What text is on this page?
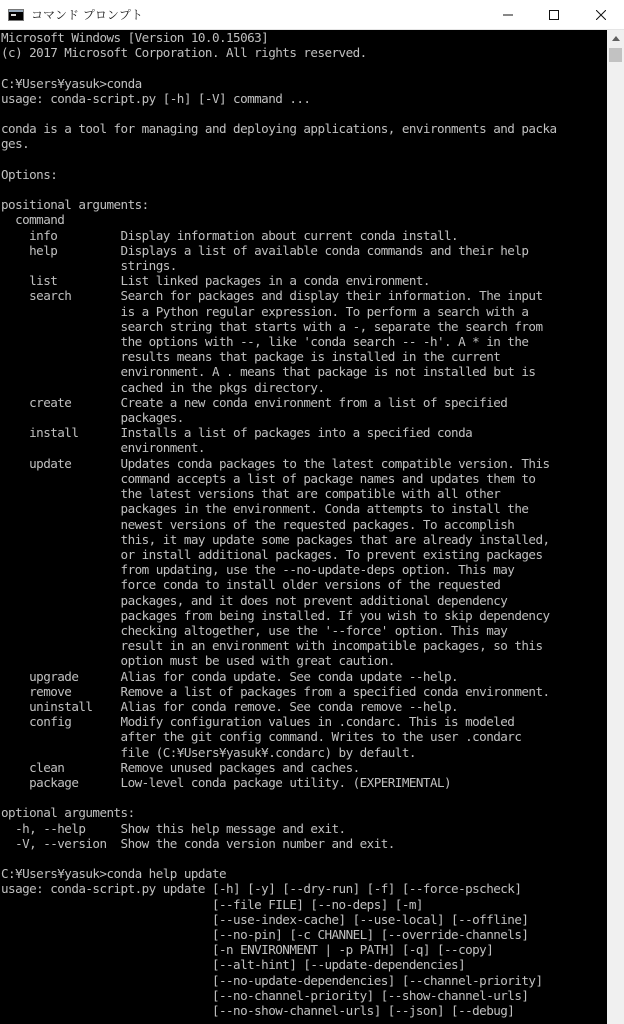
コマンド プロンプト
Microsoft Windows [Version 10.0.15063]
(c) 2017 Microsoft Corporation. All rights reserved.

C:¥Users¥yasuk>conda
usage: conda-script.py [-h] [-V] command ...

conda is a tool for managing and deploying applications, environments and packa
ges.

Options:

positional arguments:
command
info         Display information about current conda install.
help         Displays a list of available conda commands and their help
strings.
list         List linked packages in a conda environment.
search       Search for packages and display their information. The input
is a Python regular expression. To perform a search with a
search string that starts with a -, separate the search from
the options with --, like 'conda search -- -h'. A * in the
results means that package is installed in the current
environment. A . means that package is not installed but is
cached in the pkgs directory.
create       Create a new conda environment from a list of specified
packages.
install      Installs a list of packages into a specified conda
environment.
update       Updates conda packages to the latest compatible version. This
command accepts a list of package names and updates them to
the latest versions that are compatible with all other
packages in the environment. Conda attempts to install the
newest versions of the requested packages. To accomplish
this, it may update some packages that are already installed,
or install additional packages. To prevent existing packages
from updating, use the --no-update-deps option. This may
force conda to install older versions of the requested
packages, and it does not prevent additional dependency
packages from being installed. If you wish to skip dependency
checking altogether, use the '--force' option. This may
result in an environment with incompatible packages, so this
option must be used with great caution.
upgrade      Alias for conda update. See conda update --help.
remove       Remove a list of packages from a specified conda environment.
uninstall    Alias for conda remove. See conda remove --help.
config       Modify configuration values in .condarc. This is modeled
after the git config command. Writes to the user .condarc
file (C:¥Users¥yasuk¥.condarc) by default.
clean        Remove unused packages and caches.
package      Low-level conda package utility. (EXPERIMENTAL)

optional arguments:
-h, --help     Show this help message and exit.
-V, --version  Show the conda version number and exit.

C:¥Users¥yasuk>conda help update
usage: conda-script.py update [-h] [-y] [--dry-run] [-f] [--force-pscheck]
[--file FILE] [--no-deps] [-m]
[--use-index-cache] [--use-local] [--offline]
[--no-pin] [-c CHANNEL] [--override-channels]
[-n ENVIRONMENT | -p PATH] [-q] [--copy]
[--alt-hint] [--update-dependencies]
[--no-update-dependencies] [--channel-priority]
[--no-channel-priority] [--show-channel-urls]
[--no-show-channel-urls] [--json] [--debug]
